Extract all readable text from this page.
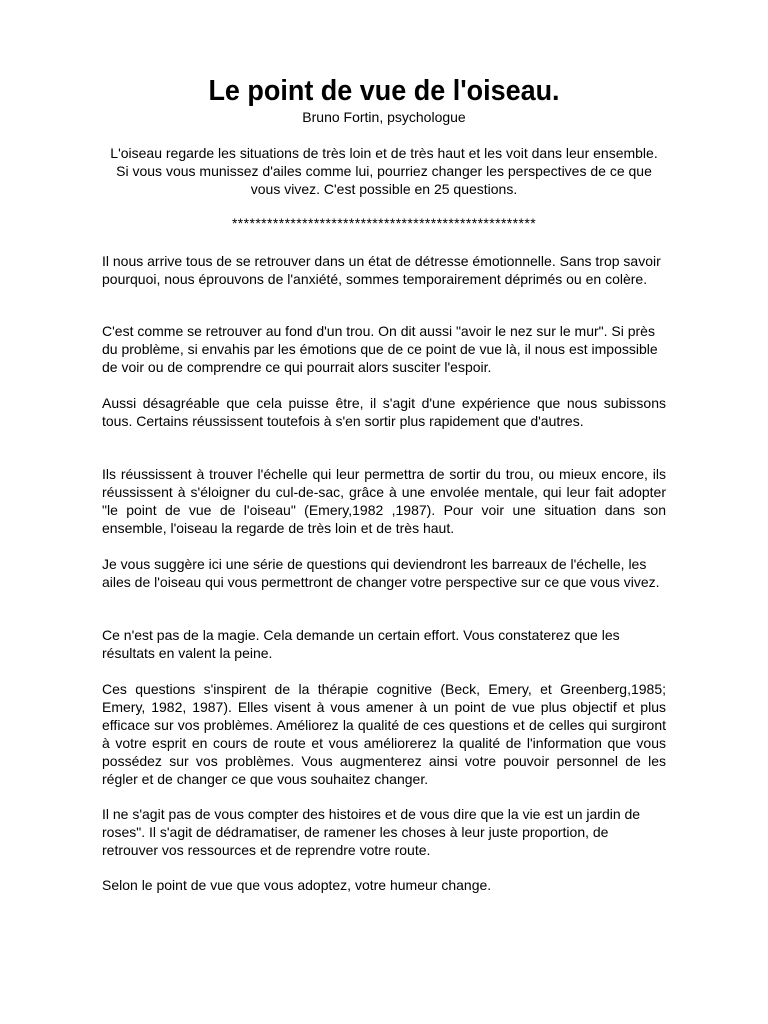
Le point de vue de l'oiseau.

Bruno Fortin, psychologue

L'oiseau regarde les situations de très loin et de très haut et les voit dans leur ensemble. Si vous vous munissez d'ailes comme lui, pourriez changer les perspectives de ce que vous vivez. C'est possible en 25 questions.

****************************************************

Il nous arrive tous de se retrouver dans un état de détresse émotionnelle. Sans trop savoir pourquoi, nous éprouvons de l'anxiété, sommes temporairement déprimés ou en colère.

C'est comme se retrouver au fond d'un trou. On dit aussi "avoir le nez sur le mur". Si près du problème, si envahis par les émotions que de ce point de vue là, il nous est impossible de voir ou de comprendre ce qui pourrait alors susciter l'espoir.

Aussi désagréable que cela puisse être, il s'agit d'une expérience que nous subissons tous. Certains réussissent toutefois à s'en sortir plus rapidement que d'autres.

Ils réussissent à trouver l'échelle qui leur permettra de sortir du trou, ou mieux encore, ils réussissent à s'éloigner du cul-de-sac, grâce à une envolée mentale, qui leur fait adopter "le point de vue de l'oiseau" (Emery,1982 ,1987). Pour voir une situation dans son ensemble, l'oiseau la regarde de très loin et de très haut.

Je vous suggère ici une série de questions qui deviendront les barreaux de l'échelle, les ailes de l'oiseau qui vous permettront de changer votre perspective sur ce que vous vivez.

Ce n'est pas de la magie. Cela demande un certain effort. Vous constaterez que les résultats en valent la peine.

Ces questions s'inspirent de la thérapie cognitive (Beck, Emery, et Greenberg,1985; Emery, 1982, 1987). Elles visent à vous amener à un point de vue plus objectif et plus efficace sur vos problèmes. Améliorez la qualité de ces questions et de celles qui surgiront à votre esprit en cours de route et vous améliorerez la qualité de l'information que vous possédez sur vos problèmes. Vous augmenterez ainsi votre pouvoir personnel de les régler et de changer ce que vous souhaitez changer.

Il ne s'agit pas de vous compter des histoires et de vous dire que la vie est un jardin de roses". Il s'agit de dédramatiser, de ramener les choses à leur juste proportion, de retrouver vos ressources et de reprendre votre route.

Selon le point de vue que vous adoptez, votre humeur change.
